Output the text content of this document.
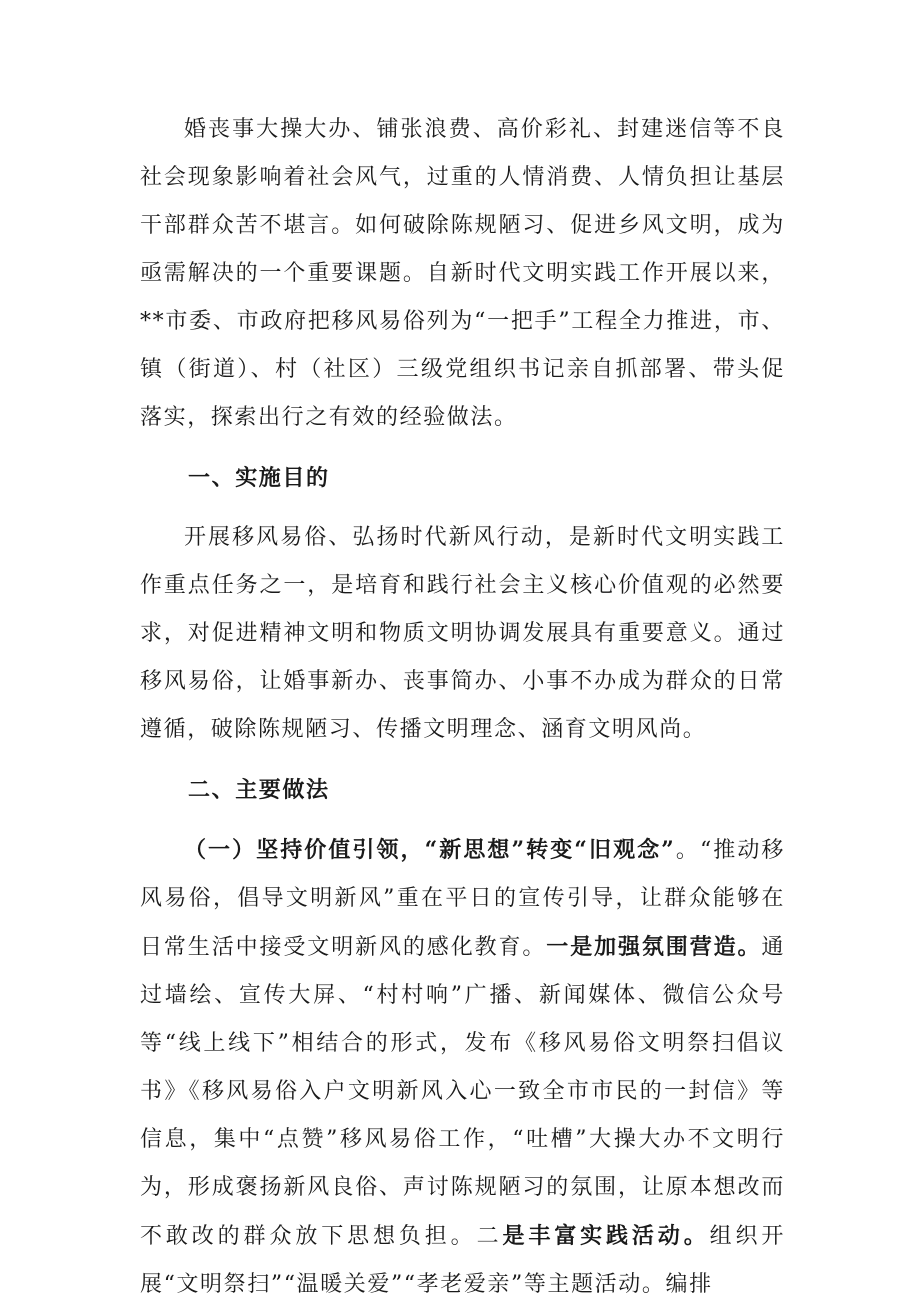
婚丧事大操大办、铺张浪费、高价彩礼、封建迷信等不良社会现象影响着社会风气，过重的人情消费、人情负担让基层干部群众苦不堪言。如何破除陈规陋习、促进乡风文明，成为亟需解决的一个重要课题。自新时代文明实践工作开展以来，**市委、市政府把移风易俗列为“一把手”工程全力推进，市、镇（街道）、村（社区）三级党组织书记亲自抓部署、带头促落实，探索出行之有效的经验做法。

一、实施目的

开展移风易俗、弘扬时代新风行动，是新时代文明实践工作重点任务之一，是培育和践行社会主义核心价值观的必然要求，对促进精神文明和物质文明协调发展具有重要意义。通过移风易俗，让婚事新办、丧事简办、小事不办成为群众的日常遵循，破除陈规陋习、传播文明理念、涵育文明风尚。

二、主要做法

（一）坚持价值引领，“新思想”转变“旧观念”。“推动移风易俗，倡导文明新风”重在平日的宣传引导，让群众能够在日常生活中接受文明新风的感化教育。一是加强氛围营造。通过墙绘、宣传大屏、“村村响”广播、新闻媒体、微信公众号等“线上线下”相结合的形式，发布《移风易俗文明祭扫倡议书》《移风易俗入户文明新风入心一致全市市民的一封信》等信息，集中“点赞”移风易俗工作，“吐槽”大操大办不文明行为，形成褒扬新风良俗、声讨陈规陋习的氛围，让原本想改而不敢改的群众放下思想负担。二是丰富实践活动。组织开展“文明祭扫”“温暖关爱”“孝老爱亲”等主题活动。编排
